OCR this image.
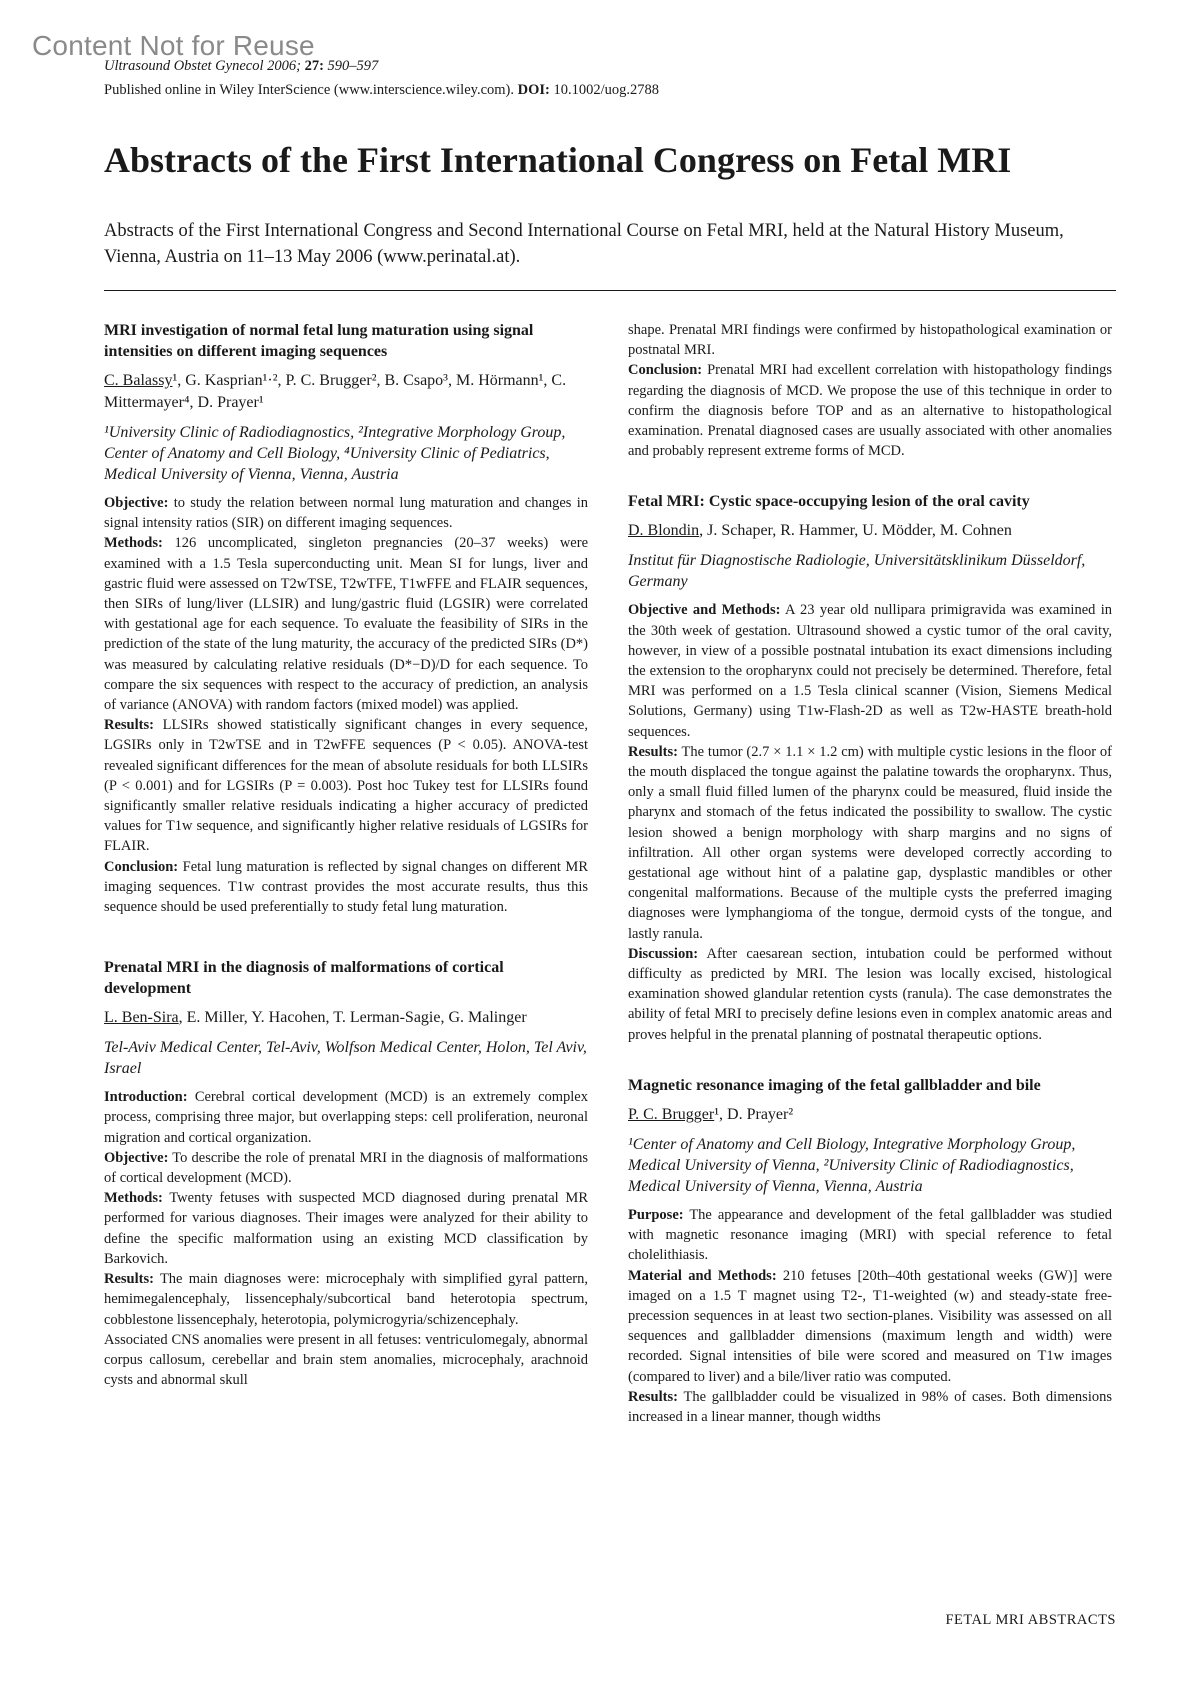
Content Not for Reuse
Ultrasound Obstet Gynecol 2006; 27: 590–597
Published online in Wiley InterScience (www.interscience.wiley.com). DOI: 10.1002/uog.2788
Abstracts of the First International Congress on Fetal MRI

Abstracts of the First International Congress and Second International Course on Fetal MRI, held at the Natural History Museum, Vienna, Austria on 11–13 May 2006 (www.perinatal.at).

MRI investigation of normal fetal lung maturation using signal intensities on different imaging sequences

C. Balassy¹, G. Kasprian¹·², P. C. Brugger², B. Csapo³, M. Hörmann¹, C. Mittermayer⁴, D. Prayer¹

¹University Clinic of Radiodiagnostics, ²Integrative Morphology Group, Center of Anatomy and Cell Biology, ⁴University Clinic of Pediatrics, Medical University of Vienna, Vienna, Austria

Objective: to study the relation between normal lung maturation and changes in signal intensity ratios (SIR) on different imaging sequences.

Methods: 126 uncomplicated, singleton pregnancies (20–37 weeks) were examined with a 1.5 Tesla superconducting unit. Mean SI for lungs, liver and gastric fluid were assessed on T2wTSE, T2wTFE, T1wFFE and FLAIR sequences, then SIRs of lung/liver (LLSIR) and lung/gastric fluid (LGSIR) were correlated with gestational age for each sequence. To evaluate the feasibility of SIRs in the prediction of the state of the lung maturity, the accuracy of the predicted SIRs (D*) was measured by calculating relative residuals (D*−D)/D for each sequence. To compare the six sequences with respect to the accuracy of prediction, an analysis of variance (ANOVA) with random factors (mixed model) was applied.

Results: LLSIRs showed statistically significant changes in every sequence, LGSIRs only in T2wTSE and in T2wFFE sequences (P < 0.05). ANOVA-test revealed significant differences for the mean of absolute residuals for both LLSIRs (P < 0.001) and for LGSIRs (P = 0.003). Post hoc Tukey test for LLSIRs found significantly smaller relative residuals indicating a higher accuracy of predicted values for T1w sequence, and significantly higher relative residuals of LGSIRs for FLAIR.

Conclusion: Fetal lung maturation is reflected by signal changes on different MR imaging sequences. T1w contrast provides the most accurate results, thus this sequence should be used preferentially to study fetal lung maturation.

Prenatal MRI in the diagnosis of malformations of cortical development

L. Ben-Sira, E. Miller, Y. Hacohen, T. Lerman-Sagie, G. Malinger

Tel-Aviv Medical Center, Tel-Aviv, Wolfson Medical Center, Holon, Tel Aviv, Israel

Introduction: Cerebral cortical development (MCD) is an extremely complex process, comprising three major, but overlapping steps: cell proliferation, neuronal migration and cortical organization.

Objective: To describe the role of prenatal MRI in the diagnosis of malformations of cortical development (MCD).

Methods: Twenty fetuses with suspected MCD diagnosed during prenatal MR performed for various diagnoses. Their images were analyzed for their ability to define the specific malformation using an existing MCD classification by Barkovich.

Results: The main diagnoses were: microcephaly with simplified gyral pattern, hemimegalencephaly, lissencephaly/subcortical band heterotopia spectrum, cobblestone lissencephaly, heterotopia, polymicrogyria/schizencephaly.

Associated CNS anomalies were present in all fetuses: ventriculomegaly, abnormal corpus callosum, cerebellar and brain stem anomalies, microcephaly, arachnoid cysts and abnormal skull

shape. Prenatal MRI findings were confirmed by histopathological examination or postnatal MRI.

Conclusion: Prenatal MRI had excellent correlation with histopathology findings regarding the diagnosis of MCD. We propose the use of this technique in order to confirm the diagnosis before TOP and as an alternative to histopathological examination. Prenatal diagnosed cases are usually associated with other anomalies and probably represent extreme forms of MCD.

Fetal MRI: Cystic space-occupying lesion of the oral cavity

D. Blondin, J. Schaper, R. Hammer, U. Mödder, M. Cohnen

Institut für Diagnostische Radiologie, Universitätsklinikum Düsseldorf, Germany

Objective and Methods: A 23 year old nullipara primigravida was examined in the 30th week of gestation. Ultrasound showed a cystic tumor of the oral cavity, however, in view of a possible postnatal intubation its exact dimensions including the extension to the oropharynx could not precisely be determined. Therefore, fetal MRI was performed on a 1.5 Tesla clinical scanner (Vision, Siemens Medical Solutions, Germany) using T1w-Flash-2D as well as T2w-HASTE breath-hold sequences.

Results: The tumor (2.7 × 1.1 × 1.2 cm) with multiple cystic lesions in the floor of the mouth displaced the tongue against the palatine towards the oropharynx. Thus, only a small fluid filled lumen of the pharynx could be measured, fluid inside the pharynx and stomach of the fetus indicated the possibility to swallow. The cystic lesion showed a benign morphology with sharp margins and no signs of infiltration. All other organ systems were developed correctly according to gestational age without hint of a palatine gap, dysplastic mandibles or other congenital malformations. Because of the multiple cysts the preferred imaging diagnoses were lymphangioma of the tongue, dermoid cysts of the tongue, and lastly ranula.

Discussion: After caesarean section, intubation could be performed without difficulty as predicted by MRI. The lesion was locally excised, histological examination showed glandular retention cysts (ranula). The case demonstrates the ability of fetal MRI to precisely define lesions even in complex anatomic areas and proves helpful in the prenatal planning of postnatal therapeutic options.

Magnetic resonance imaging of the fetal gallbladder and bile

P. C. Brugger¹, D. Prayer²

¹Center of Anatomy and Cell Biology, Integrative Morphology Group, Medical University of Vienna, ²University Clinic of Radiodiagnostics, Medical University of Vienna, Vienna, Austria

Purpose: The appearance and development of the fetal gallbladder was studied with magnetic resonance imaging (MRI) with special reference to fetal cholelithiasis.

Material and Methods: 210 fetuses [20th–40th gestational weeks (GW)] were imaged on a 1.5 T magnet using T2-, T1-weighted (w) and steady-state free-precession sequences in at least two section-planes. Visibility was assessed on all sequences and gallbladder dimensions (maximum length and width) were recorded. Signal intensities of bile were scored and measured on T1w images (compared to liver) and a bile/liver ratio was computed.

Results: The gallbladder could be visualized in 98% of cases. Both dimensions increased in a linear manner, though widths

FETAL MRI ABSTRACTS
